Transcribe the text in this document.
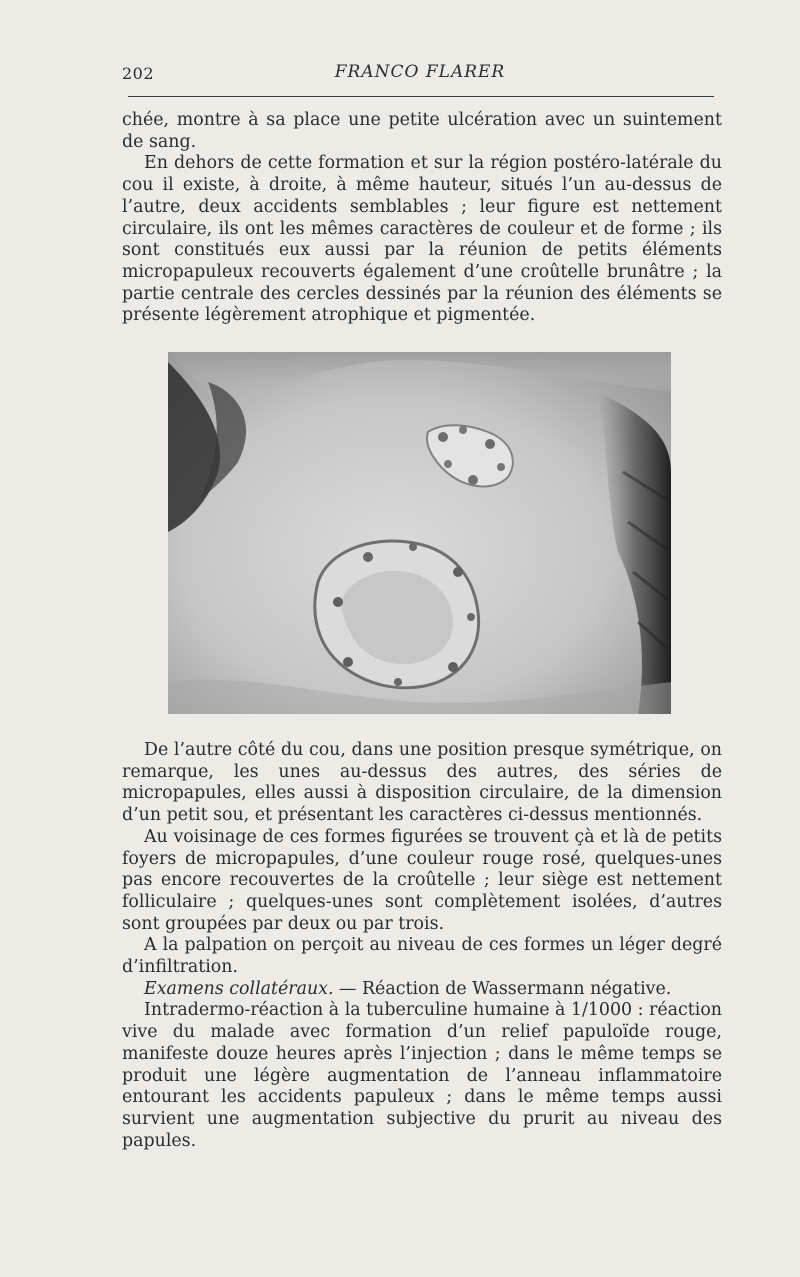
202	FRANCO FLARER

chée, montre à sa place une petite ulcération avec un suintement de sang.

En dehors de cette formation et sur la région postéro-latérale du cou il existe, à droite, à même hauteur, situés l’un au-dessus de l’autre, deux accidents semblables ; leur figure est nettement circulaire, ils ont les mêmes caractères de couleur et de forme ; ils sont constitués eux aussi par la réunion de petits éléments micropapuleux recouverts également d’une croûtelle brunâtre ; la partie centrale des cercles dessinés par la réunion des éléments se présente légèrement atrophique et pigmentée.

De l’autre côté du cou, dans une position presque symétrique, on remarque, les unes au-dessus des autres, des séries de micropapules, elles aussi à disposition circulaire, de la dimension d’un petit sou, et présentant les caractères ci-dessus mentionnés.

Au voisinage de ces formes figurées se trouvent çà et là de petits foyers de micropapules, d’une couleur rouge rosé, quelques-unes pas encore recouvertes de la croûtelle ; leur siège est nettement folliculaire ; quelques-unes sont complètement isolées, d’autres sont groupées par deux ou par trois.

A la palpation on perçoit au niveau de ces formes un léger degré d’infiltration.

Examens collatéraux. — Réaction de Wassermann négative.

Intradermo-réaction à la tuberculine humaine à 1/1000 : réaction vive du malade avec formation d’un relief papuloïde rouge, manifeste douze heures après l’injection ; dans le même temps se produit une légère augmentation de l’anneau inflammatoire entourant les accidents papuleux ; dans le même temps aussi survient une augmentation subjective du prurit au niveau des papules.
